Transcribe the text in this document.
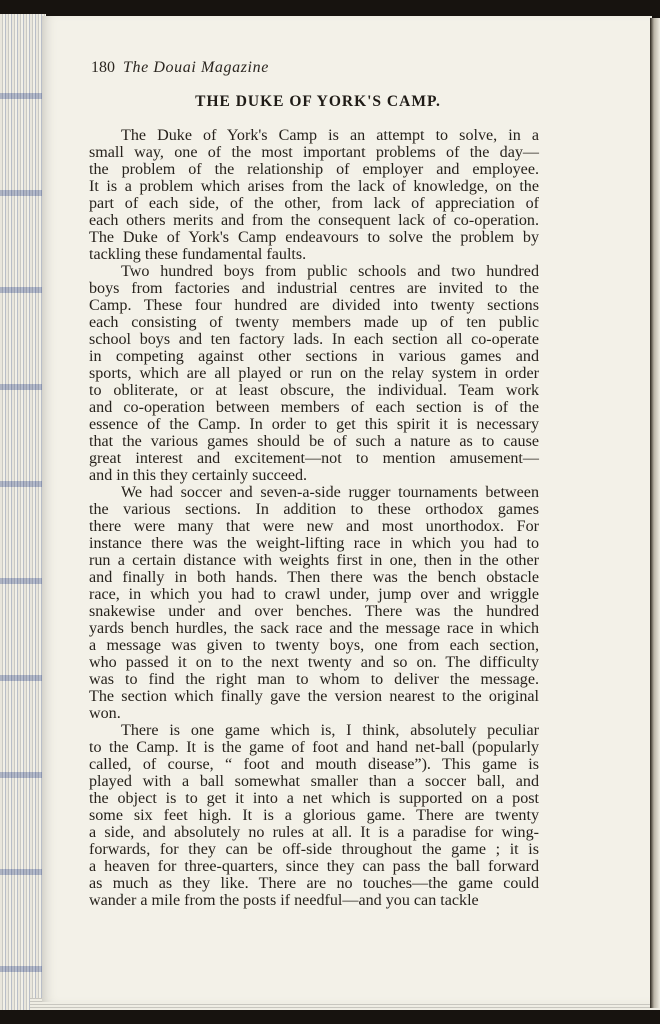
180 The Douai Magazine
THE DUKE OF YORK'S CAMP.

The Duke of York's Camp is an attempt to solve, in a
small way, one of the most important problems of the day—
the problem of the relationship of employer and employee.
It is a problem which arises from the lack of knowledge, on the
part of each side, of the other, from lack of appreciation of
each others merits and from the consequent lack of co-operation.
The Duke of York's Camp endeavours to solve the problem by
tackling these fundamental faults.

Two hundred boys from public schools and two hundred
boys from factories and industrial centres are invited to the
Camp. These four hundred are divided into twenty sections
each consisting of twenty members made up of ten public
school boys and ten factory lads. In each section all co-operate
in competing against other sections in various games and
sports, which are all played or run on the relay system in order
to obliterate, or at least obscure, the individual. Team work
and co-operation between members of each section is of the
essence of the Camp. In order to get this spirit it is necessary
that the various games should be of such a nature as to cause
great interest and excitement—not to mention amusement—
and in this they certainly succeed.

We had soccer and seven-a-side rugger tournaments between
the various sections. In addition to these orthodox games
there were many that were new and most unorthodox. For
instance there was the weight-lifting race in which you had to
run a certain distance with weights first in one, then in the other
and finally in both hands. Then there was the bench obstacle
race, in which you had to crawl under, jump over and wriggle
snakewise under and over benches. There was the hundred
yards bench hurdles, the sack race and the message race in which
a message was given to twenty boys, one from each section,
who passed it on to the next twenty and so on. The difficulty
was to find the right man to whom to deliver the message.
The section which finally gave the version nearest to the original
won.

There is one game which is, I think, absolutely peculiar
to the Camp. It is the game of foot and hand net-ball (popularly
called, of course, “ foot and mouth disease”). This game is
played with a ball somewhat smaller than a soccer ball, and
the object is to get it into a net which is supported on a post
some six feet high. It is a glorious game. There are twenty
a side, and absolutely no rules at all. It is a paradise for wing-
forwards, for they can be off-side throughout the game ; it is
a heaven for three-quarters, since they can pass the ball forward
as much as they like. There are no touches—the game could
wander a mile from the posts if needful—and you can tackle
